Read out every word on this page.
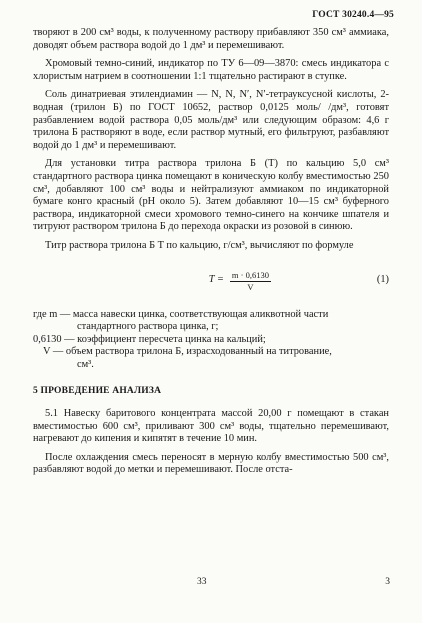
ГОСТ 30240.4—95

творяют в 200 см³ воды, к полученному раствору прибавляют 350 см³ аммиака, доводят объем раствора водой до 1 дм³ и перемешивают.

Хромовый темно-синий, индикатор по ТУ 6—09—3870: смесь индикатора с хлористым натрием в соотношении 1:1 тщательно растирают в ступке.

Соль динатриевая этилендиамин — N, N, N′, N′-тетрауксусной кислоты, 2-водная (трилон Б) по ГОСТ 10652, раствор 0,0125 моль/ /дм³, готовят разбавлением водой раствора 0,05 моль/дм³ или следующим образом: 4,6 г трилона Б растворяют в воде, если раствор мутный, его фильтруют, разбавляют водой до 1 дм³ и перемешивают.

Для установки титра раствора трилона Б (Т) по кальцию 5,0 см³ стандартного раствора цинка помещают в коническую колбу вместимостью 250 см³, добавляют 100 см³ воды и нейтрализуют аммиаком по индикаторной бумаге конго красный (рН около 5). Затем добавляют 10—15 см³ буферного раствора, индикаторной смеси хромового темно-синего на кончике шпателя и титруют раствором трилона Б до перехода окраски из розовой в синюю.

Титр раствора трилона Б T по кальцию, г/см³, вычисляют по формуле

$T = \frac{m \cdot 0,6130}{V}$	(1)
где m —
масса навески цинка, соответствующая аликвотной части
стандартного раствора цинка, г;
0,6130 —
коэффициент пересчета цинка на кальций;
V —
объем раствора трилона Б, израсходованный на титрование,
см³.
5 ПРОВЕДЕНИЕ АНАЛИЗА

5.1 Навеску баритового концентрата массой 20,00 г помещают в стакан вместимостью 600 см³, приливают 300 см³ воды, тщательно перемешивают, нагревают до кипения и кипятят в течение 10 мин.

После охлаждения смесь переносят в мерную колбу вместимостью 500 см³, разбавляют водой до метки и перемешивают. После отста-

33	3
